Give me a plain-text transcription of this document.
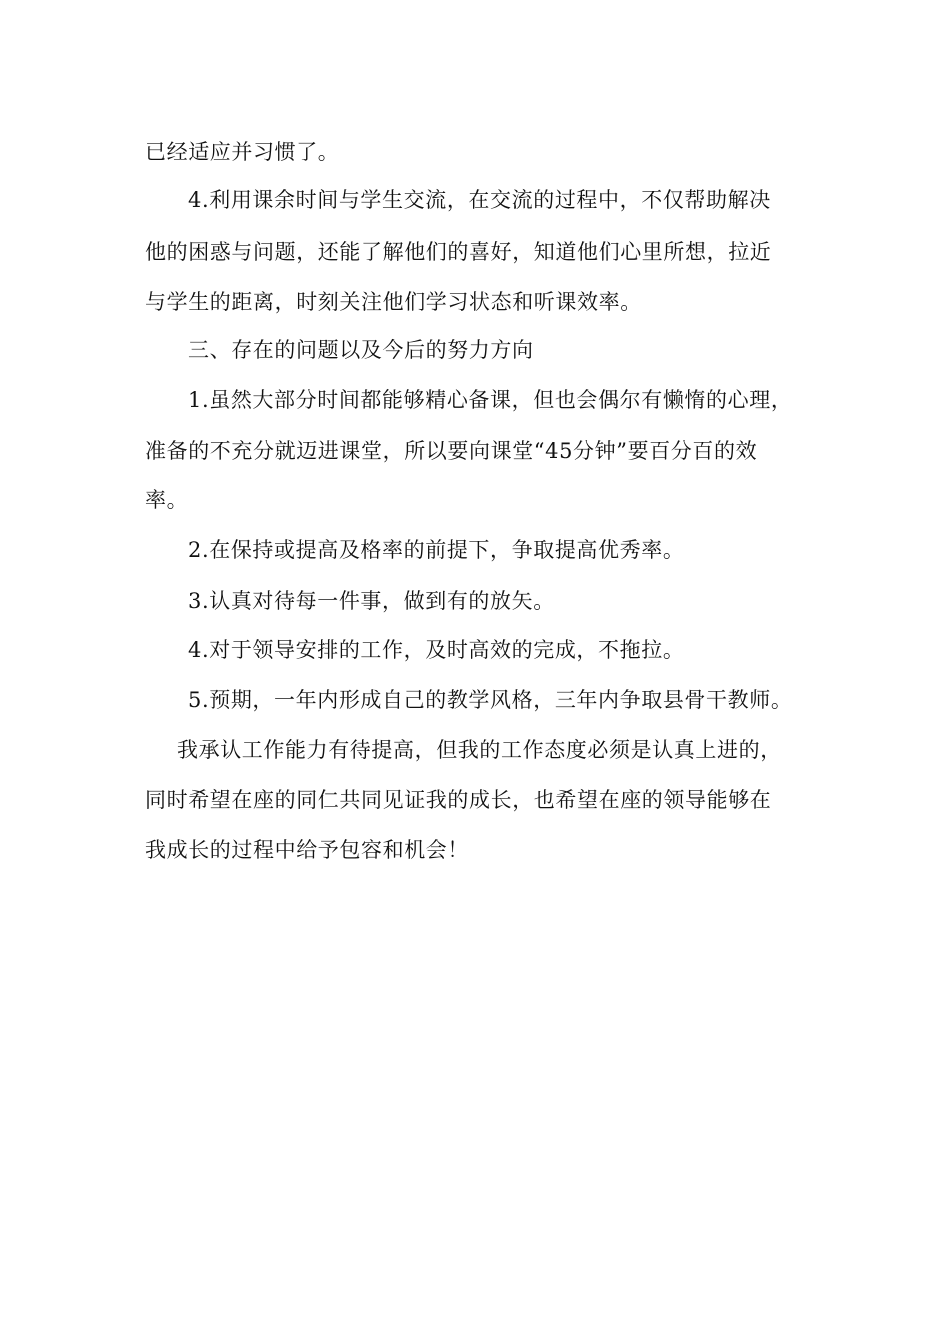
已经适应并习惯了。
4.利用课余时间与学生交流，在交流的过程中，不仅帮助解决
他的困惑与问题，还能了解他们的喜好，知道他们心里所想，拉近
与学生的距离，时刻关注他们学习状态和听课效率。
三、存在的问题以及今后的努力方向
1.虽然大部分时间都能够精心备课，但也会偶尔有懒惰的心理，
准备的不充分就迈进课堂，所以要向课堂“45分钟”要百分百的效
率。
2.在保持或提高及格率的前提下，争取提高优秀率。
3.认真对待每一件事，做到有的放矢。
4.对于领导安排的工作，及时高效的完成，不拖拉。
5.预期，一年内形成自己的教学风格，三年内争取县骨干教师。
我承认工作能力有待提高，但我的工作态度必须是认真上进的，
同时希望在座的同仁共同见证我的成长，也希望在座的领导能够在
我成长的过程中给予包容和机会！
